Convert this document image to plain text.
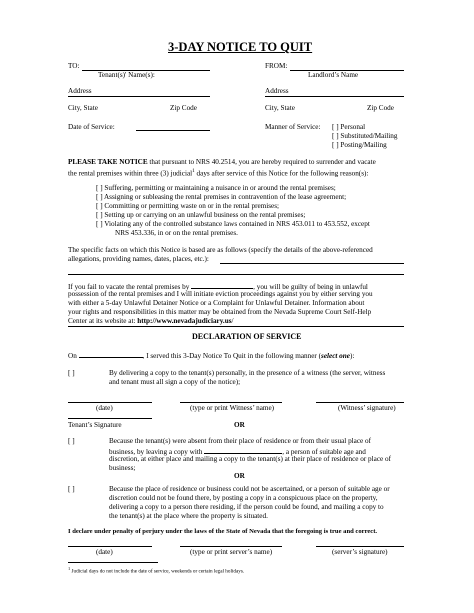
3-DAY NOTICE TO QUIT
TO:
Tenant(s)' Name(s):
FROM:
Landlord’s Name
Address	Address
City, State	Zip Code	City, State	Zip Code
Date of Service:	Manner of Service: [ ] Personal
[ ] Substituted/Mailing
[ ] Posting/Mailing
PLEASE TAKE NOTICE that pursuant to NRS 40.2514, you are hereby required to surrender and vacate
the rental premises within three (3) judicial$^1$ days after service of this Notice for the following reason(s):
[ ] Suffering, permitting or maintaining a nuisance in or around the rental premises;
[ ] Assigning or subleasing the rental premises in contravention of the lease agreement;
[ ] Committing or permitting waste on or in the rental premises;
[ ] Setting up or carrying on an unlawful business on the rental premises;
[ ] Violating any of the controlled substance laws contained in NRS 453.011 to 453.552, except
NRS 453.336, in or on the rental premises.
The specific facts on which this Notice is based are as follows (specify the details of the above-referenced
allegations, providing names, dates, places, etc.):
If you fail to vacate the rental premises by	, you will be guilty of being in unlawful
possession of the rental premises and I will initiate eviction proceedings against you by either serving you
with either a 5-day Unlawful Detainer Notice or a Complaint for Unlawful Detainer. Information about
your rights and responsibilities in this matter may be obtained from the Nevada Supreme Court Self-Help
Center at its website at: http://www.nevadajudiciary.us/
DECLARATION OF SERVICE
On	, I served this 3-Day Notice To Quit in the following manner (select one):
[ ]	By delivering a copy to the tenant(s) personally, in the presence of a witness (the server, witness
and tenant must all sign a copy of the notice);
(date)	(type or print Witness’ name)	(Witness’ signature)
Tenant’s Signature	OR
[ ]	Because the tenant(s) were absent from their place of residence or from their usual place of
business, by leaving a copy with	, a person of suitable age and
discretion, at either place and mailing a copy to the tenant(s) at their place of residence or place of
business;
OR
[ ]	Because the place of residence or business could not be ascertained, or a person of suitable age or
discretion could not be found there, by posting a copy in a conspicuous place on the property,
delivering a copy to a person there residing, if the person could be found, and mailing a copy to
the tenant(s) at the place where the property is situated.
I declare under penalty of perjury under the laws of the State of Nevada that the foregoing is true and correct.
(date)	(type or print server’s name)	(server’s signature)
$^1$ Judicial days do not include the date of service, weekends or certain legal holidays.
